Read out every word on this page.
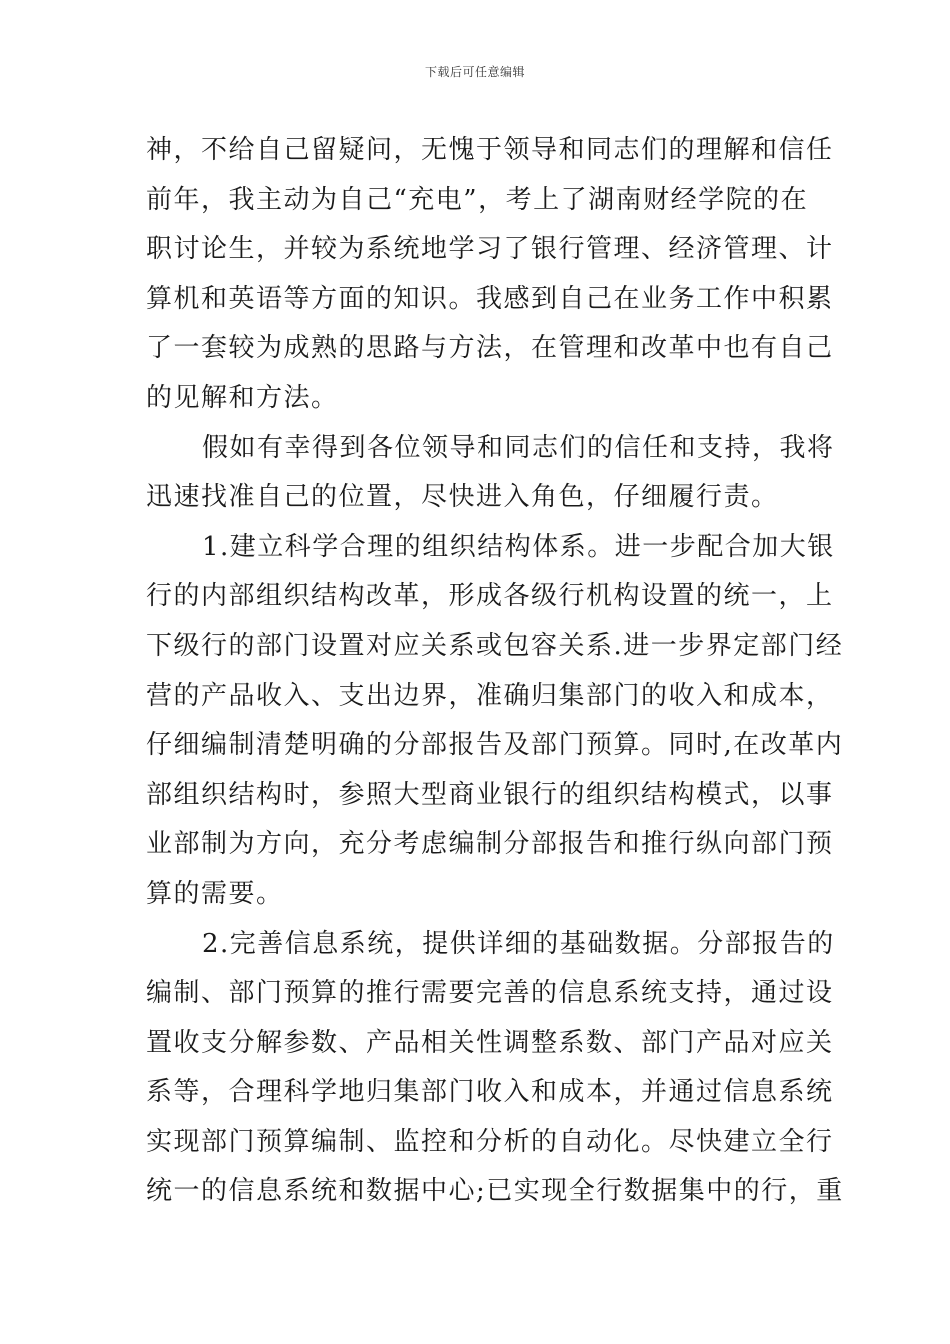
下载后可任意编辑
神，不给自己留疑问，无愧于领导和同志们的理解和信任
前年，我主动为自己“充电”，考上了湖南财经学院的在
职讨论生，并较为系统地学习了银行管理、经济管理、计
算机和英语等方面的知识。我感到自己在业务工作中积累
了一套较为成熟的思路与方法，在管理和改革中也有自己
的见解和方法。
假如有幸得到各位领导和同志们的信任和支持，我将
迅速找准自己的位置，尽快进入角色，仔细履行责。
1.建立科学合理的组织结构体系。进一步配合加大银
行的内部组织结构改革，形成各级行机构设置的统一，上
下级行的部门设置对应关系或包容关系.进一步界定部门经
营的产品收入、支出边界，准确归集部门的收入和成本，
仔细编制清楚明确的分部报告及部门预算。同时,在改革内
部组织结构时，参照大型商业银行的组织结构模式，以事
业部制为方向，充分考虑编制分部报告和推行纵向部门预
算的需要。
2.完善信息系统，提供详细的基础数据。分部报告的
编制、部门预算的推行需要完善的信息系统支持，通过设
置收支分解参数、产品相关性调整系数、部门产品对应关
系等，合理科学地归集部门收入和成本，并通过信息系统
实现部门预算编制、监控和分析的自动化。尽快建立全行
统一的信息系统和数据中心;已实现全行数据集中的行，重
